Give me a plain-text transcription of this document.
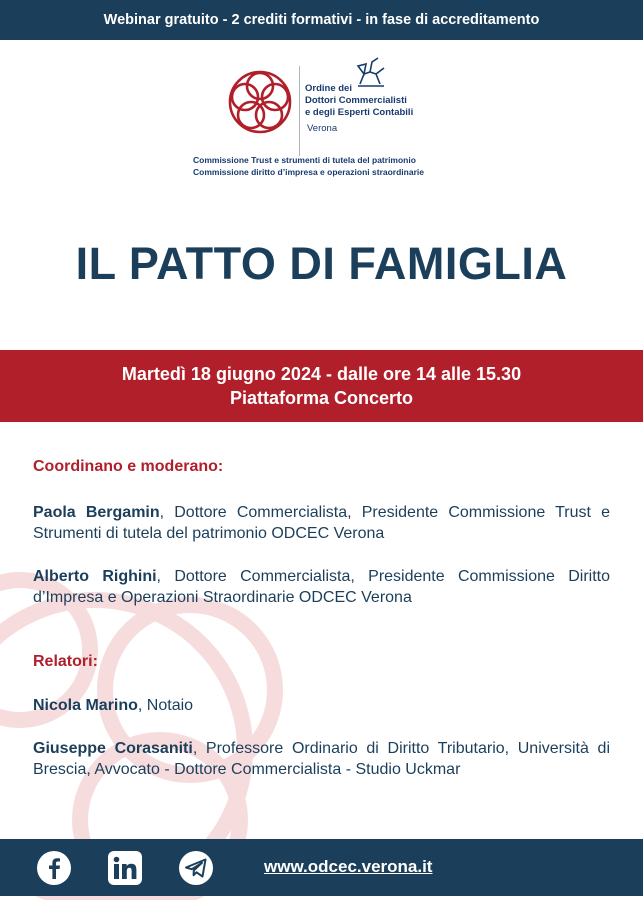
Webinar gratuito - 2 crediti formativi - in fase di accreditamento
Ordine dei
Dottori Commercialisti
e degli Esperti Contabili
Verona
Commissione Trust e strumenti di tutela del patrimonio
Commissione diritto d’impresa e operazioni straordinarie
IL PATTO DI FAMIGLIA
Martedì 18 giugno 2024 - dalle ore 14 alle 15.30
Piattaforma Concerto
Coordinano e moderano:
Paola Bergamin, Dottore Commercialista, Presidente Commissione Trust e Strumenti di tutela del patrimonio ODCEC Verona
Alberto Righini, Dottore Commercialista, Presidente Commissione Diritto d’Impresa e Operazioni Straordinarie ODCEC Verona
Relatori:
Nicola Marino, Notaio
Giuseppe Corasaniti, Professore Ordinario di Diritto Tributario, Università di Brescia, Avvocato - Dottore Commercialista - Studio Uckmar
www.odcec.verona.it
